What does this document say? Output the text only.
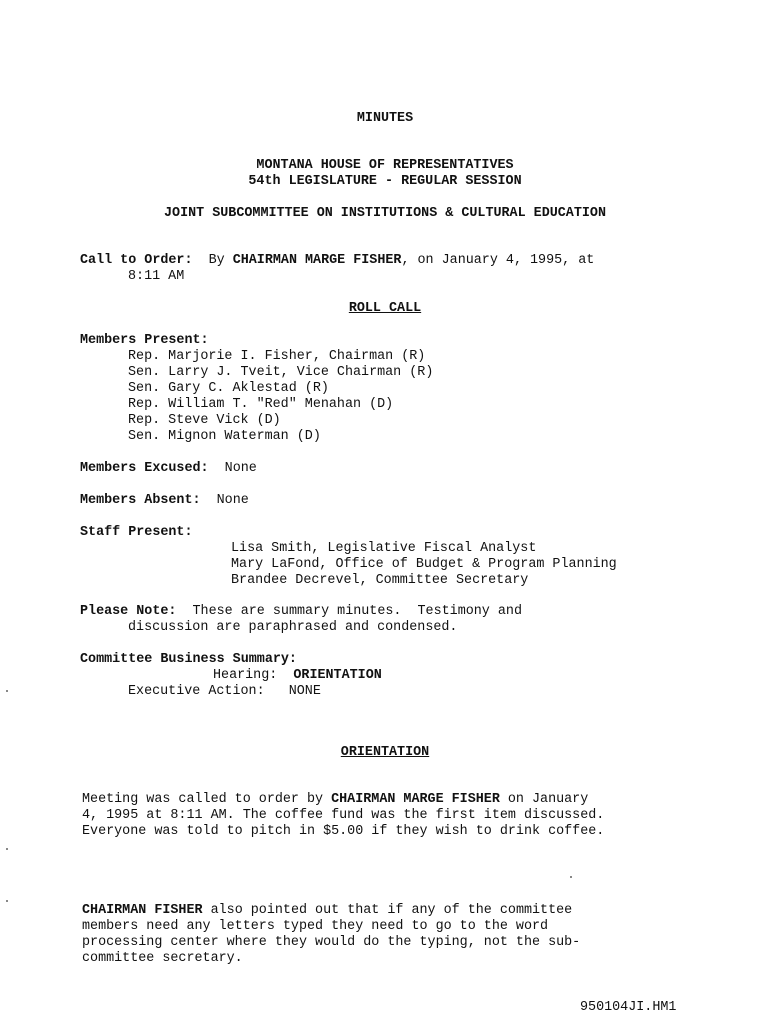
MINUTES
MONTANA HOUSE OF REPRESENTATIVES
54th LEGISLATURE - REGULAR SESSION
JOINT SUBCOMMITTEE ON INSTITUTIONS & CULTURAL EDUCATION
Call to Order: By CHAIRMAN MARGE FISHER, on January 4, 1995, at
8:11 AM
ROLL CALL
Members Present:
Rep. Marjorie I. Fisher, Chairman (R)
Sen. Larry J. Tveit, Vice Chairman (R)
Sen. Gary C. Aklestad (R)
Rep. William T. "Red" Menahan (D)
Rep. Steve Vick (D)
Sen. Mignon Waterman (D)
Members Excused: None
Members Absent: None
Staff Present:
Lisa Smith, Legislative Fiscal Analyst
Mary LaFond, Office of Budget & Program Planning
Brandee Decrevel, Committee Secretary
Please Note: These are summary minutes.  Testimony and
discussion are paraphrased and condensed.
Committee Business Summary:
Hearing: ORIENTATION
Executive Action: NONE
ORIENTATION
Meeting was called to order by CHAIRMAN MARGE FISHER on January
4, 1995 at 8:11 AM. The coffee fund was the first item discussed.
Everyone was told to pitch in $5.00 if they wish to drink coffee.
CHAIRMAN FISHER also pointed out that if any of the committee
members need any letters typed they need to go to the word
processing center where they would do the typing, not the sub-
committee secretary.
950104JI.HM1
